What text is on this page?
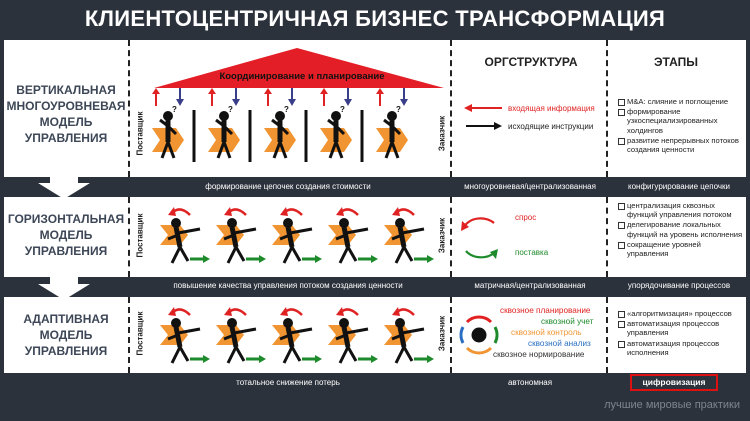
КЛИЕНТОЦЕНТРИЧНАЯ БИЗНЕС ТРАНСФОРМАЦИЯ
ВЕРТИКАЛЬНАЯ МНОГОУРОВНЕВАЯ МОДЕЛЬ УПРАВЛЕНИЯ	Поставщик	Заказчик
Координирование и планирование
?	?	?	?	?
ОРГСТРУКТУРА	ЭТАПЫ
входящая информация
исходящие инструкции
M&A: слияние и поглощение
формирование узкоспециализированных холдингов
развитие непрерывных потоков создания ценности
формирование цепочек создания стоимости	многоуровневая/централизованная	конфигурирование цепочки
ГОРИЗОНТАЛЬНАЯ МОДЕЛЬ УПРАВЛЕНИЯ	Поставщик	Заказчик
спрос
поставка
централизация сквозных функций управления потоком
делегирование локальных функций на уровень исполнения
сокращение уровней управления
повышение качества управления потоком создания ценности	матричная/централизованная	упорядочивание процессов
АДАПТИВНАЯ МОДЕЛЬ УПРАВЛЕНИЯ	Поставщик	Заказчик
сквозное планирование
сквозной учет
сквозной контроль
сквозной анализ
сквозное нормирование
«алгоритмизация» процессов
автоматизация процессов управления
автоматизация процессов исполнения
тотальное снижение потерь	автономная	цифровизация
лучшие мировые практики
